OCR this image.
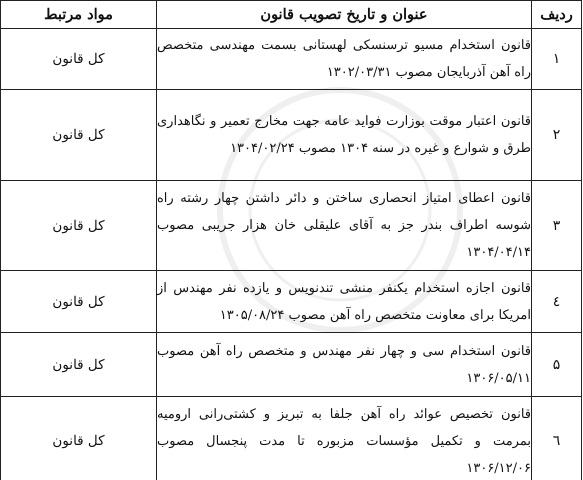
ردیف	عنوان و تاریخ تصویب قانون	مواد مرتبط
۱	قانون استخدام مسیو ترسنسکی لهستانی بسمت مهندسی متخصص راه آهن آذربایجان مصوب ۱۳۰۲/۰۳/۳۱	کل قانون
۲	قانون اعتبار موقت بوزارت فواید عامه جهت مخارج تعمیر و نگاهداری طرق و شوارع و غیره در سنه ۱۳۰۴ مصوب ۱۳۰۴/۰۲/۲۴	کل قانون
۳	قانون اعطای امتیاز انحصاری ساختن و دائر داشتن چهار رشته راه شوسه اطراف بندر جز به آقای علیقلی خان هزار جریبی مصوب ۱۳۰۴/۰۴/۱۴	کل قانون
٤	قانون اجازه استخدام یکنفر منشی تندنویس و یازده نفر مهندس از امریکا برای معاونت متخصص راه آهن مصوب ۱۳۰۵/۰۸/۲۴	کل قانون
۵	قانون استخدام سی و چهار نفر مهندس و متخصص راه آهن مصوب ۱۳۰۶/۰۵/۱۱	کل قانون
٦	قانون تخصیص عوائد راه آهن جلفا به تبریز و کشتی‌رانی ارومیه بمرمت و تکمیل مؤسسات مزبوره تا مدت پنجسال مصوب ۱۳۰۶/۱۲/۰۶	کل قانون
